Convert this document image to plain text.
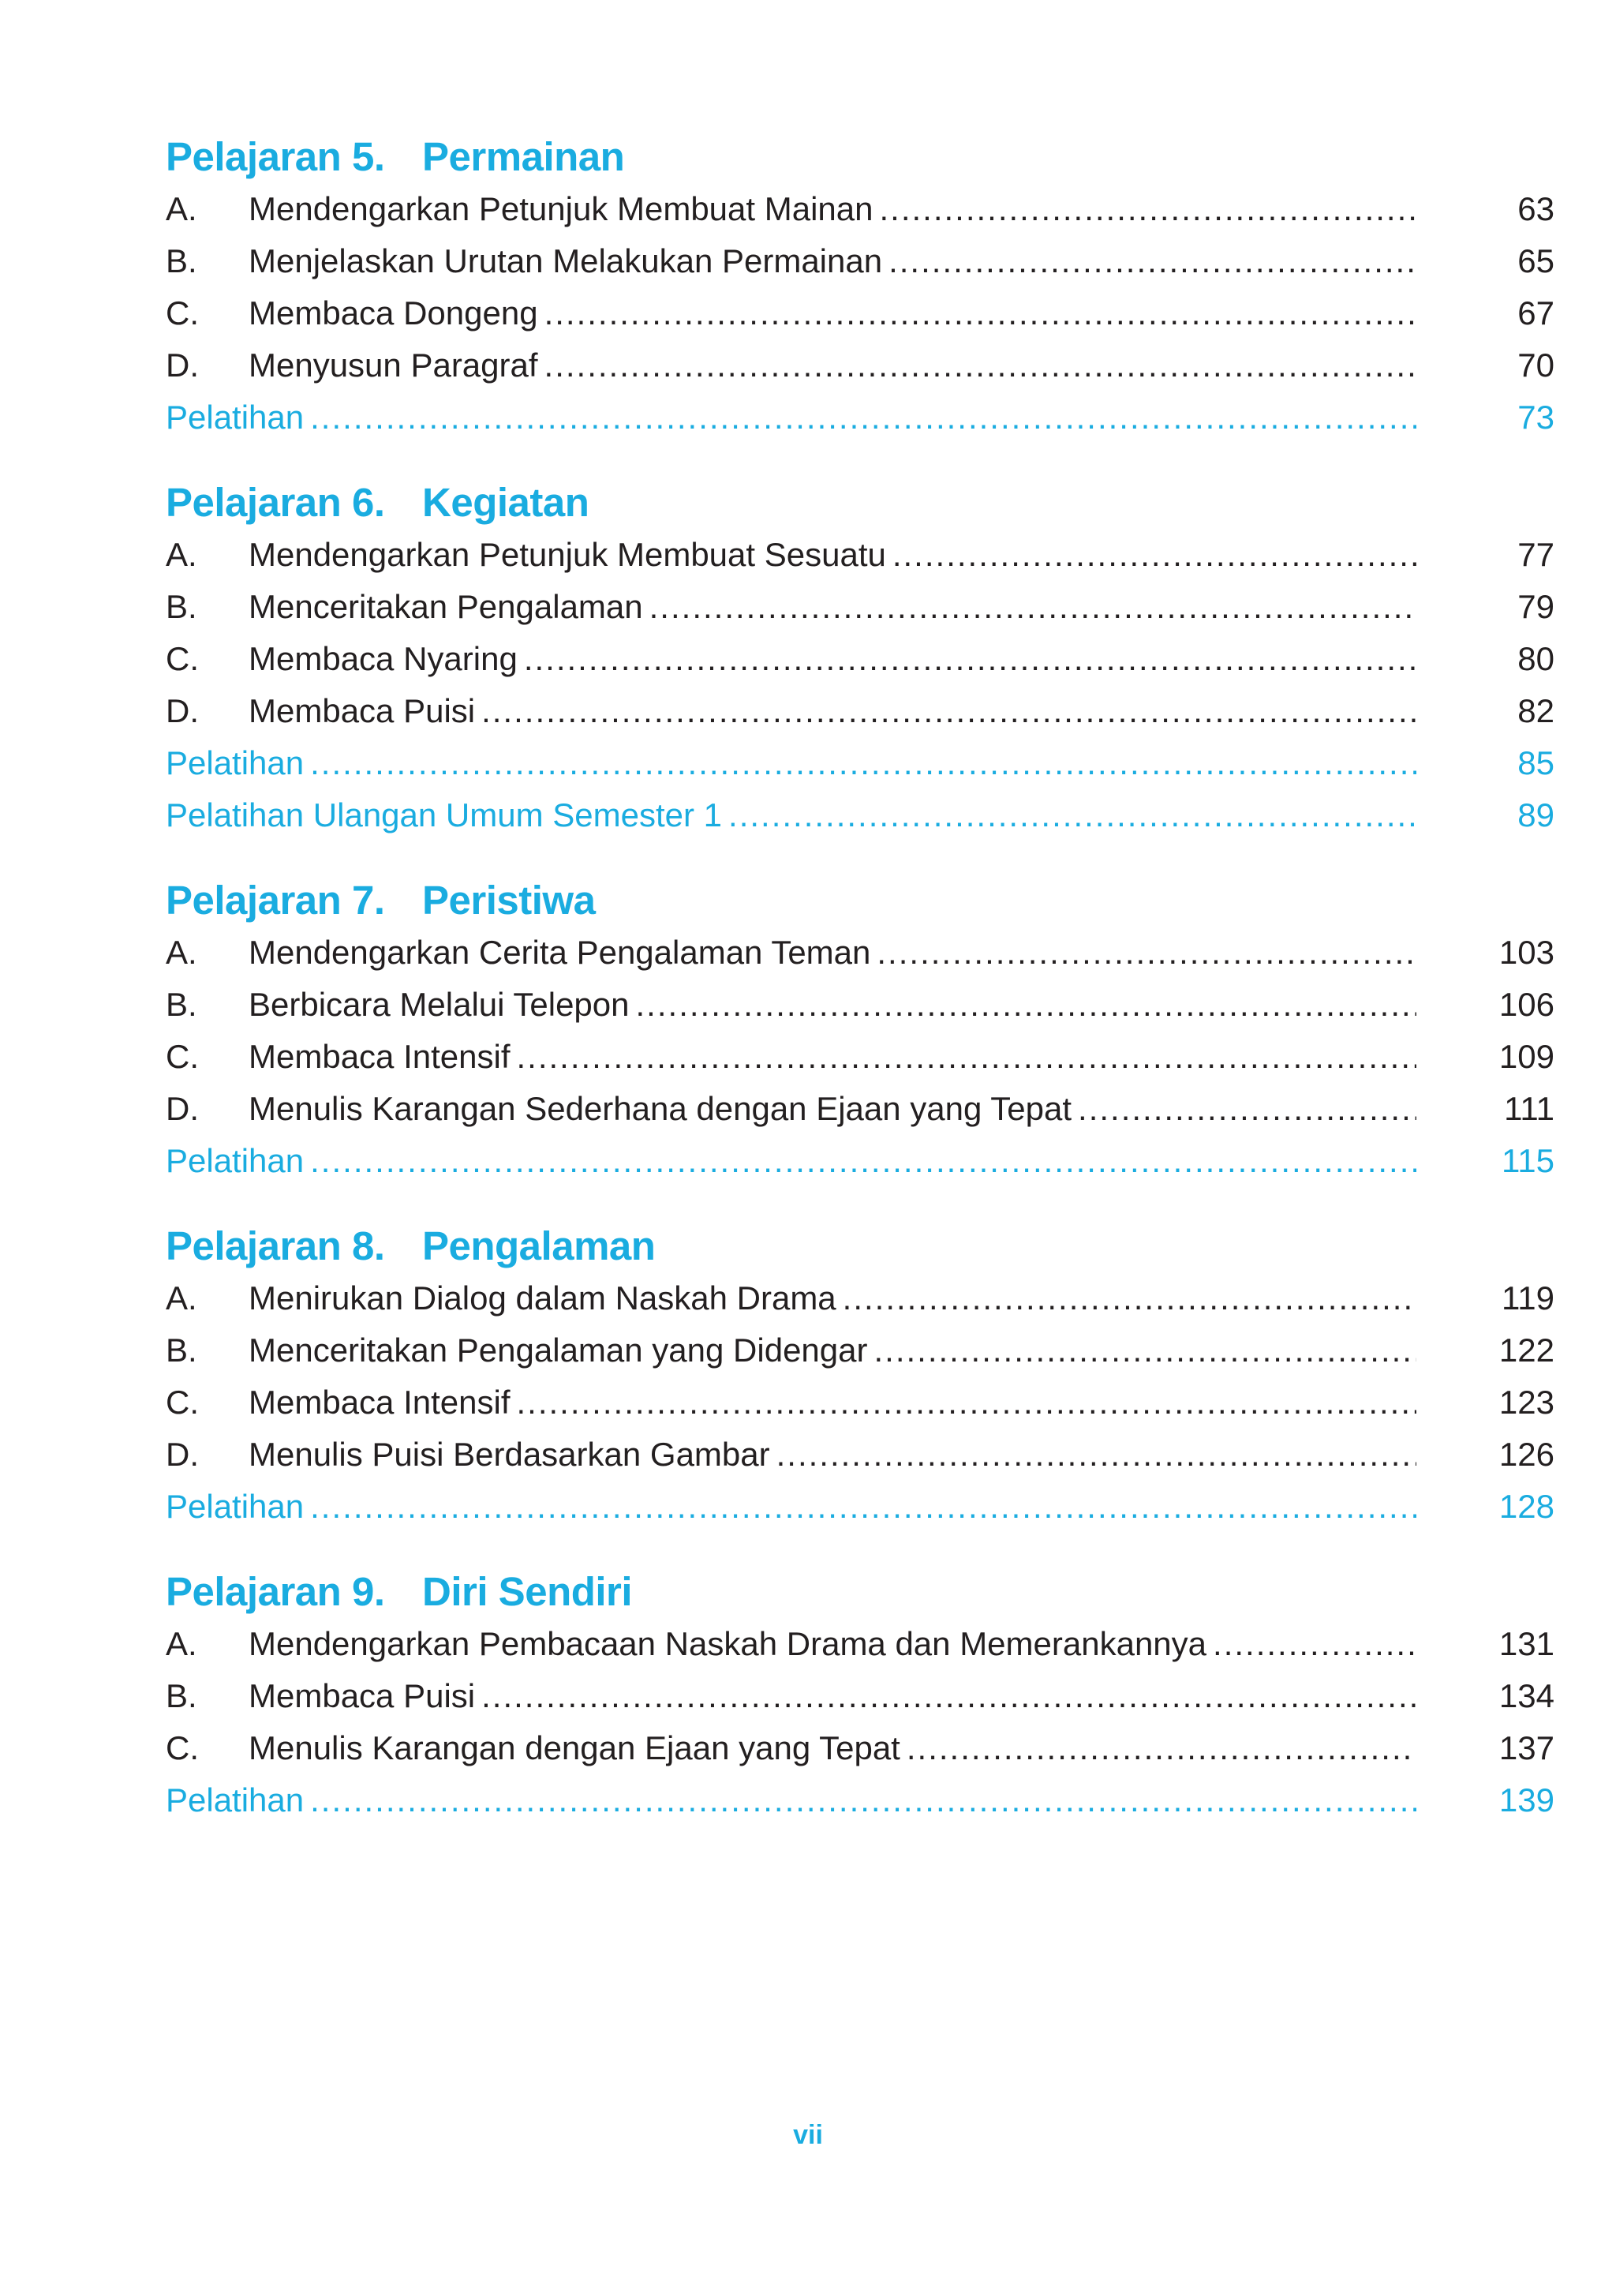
Pelajaran 5. Permainan
A.	Mendengarkan Petunjuk Membuat Mainan .....	63
B.	Menjelaskan Urutan Melakukan Permainan .....	65
C.	Membaca Dongeng .....	67
D.	Menyusun Paragraf .....	70
Pelatihan .....	73
Pelajaran 6. Kegiatan
A.	Mendengarkan Petunjuk Membuat Sesuatu .....	77
B.	Menceritakan Pengalaman .....	79
C.	Membaca Nyaring .....	80
D.	Membaca Puisi .....	82
Pelatihan .....	85
Pelatihan Ulangan Umum Semester 1 .....	89
Pelajaran 7. Peristiwa
A.	Mendengarkan Cerita Pengalaman Teman .....	103
B.	Berbicara Melalui Telepon .....	106
C.	Membaca Intensif .....	109
D.	Menulis Karangan Sederhana dengan Ejaan yang Tepat .....	111
Pelatihan .....	115
Pelajaran 8. Pengalaman
A.	Menirukan Dialog dalam Naskah Drama .....	119
B.	Menceritakan Pengalaman yang Didengar .....	122
C.	Membaca Intensif .....	123
D.	Menulis Puisi Berdasarkan Gambar .....	126
Pelatihan .....	128
Pelajaran 9. Diri Sendiri
A.	Mendengarkan Pembacaan Naskah Drama dan Memerankannya .....	131
B.	Membaca Puisi .....	134
C.	Menulis Karangan dengan Ejaan yang Tepat .....	137
Pelatihan .....	139
vii
